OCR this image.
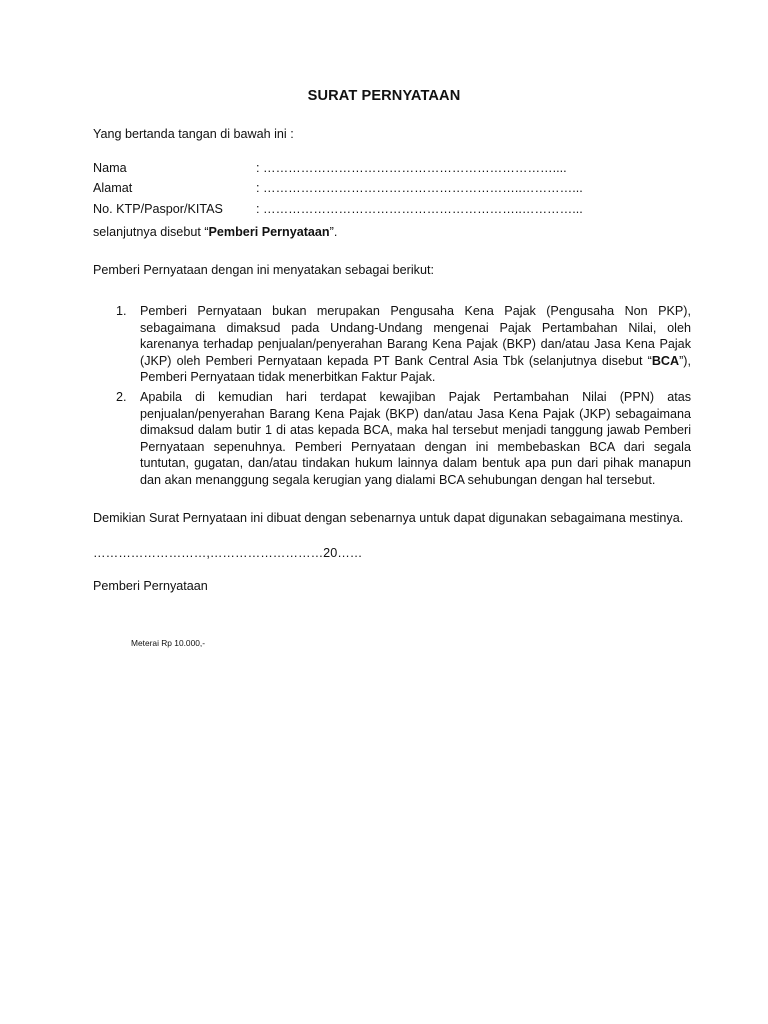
SURAT PERNYATAAN
Yang bertanda tangan di bawah ini :
Nama	: ……………………………………………………………....
Alamat	: ……………………………………………………..…………...
No. KTP/Paspor/KITAS	: ……………………………………………………..…………...
selanjutnya disebut “Pemberi Pernyataan”.
Pemberi Pernyataan dengan ini menyatakan sebagai berikut:
1.	Pemberi Pernyataan bukan merupakan Pengusaha Kena Pajak (Pengusaha Non PKP), sebagaimana dimaksud pada Undang-Undang mengenai Pajak Pertambahan Nilai, oleh karenanya terhadap penjualan/penyerahan Barang Kena Pajak (BKP) dan/atau Jasa Kena Pajak (JKP) oleh Pemberi Pernyataan kepada PT Bank Central Asia Tbk (selanjutnya disebut “BCA”), Pemberi Pernyataan tidak menerbitkan Faktur Pajak.
2.	Apabila di kemudian hari terdapat kewajiban Pajak Pertambahan Nilai (PPN) atas penjualan/penyerahan Barang Kena Pajak (BKP) dan/atau Jasa Kena Pajak (JKP) sebagaimana dimaksud dalam butir 1 di atas kepada BCA, maka hal tersebut menjadi tanggung jawab Pemberi Pernyataan sepenuhnya. Pemberi Pernyataan dengan ini membebaskan BCA dari segala tuntutan, gugatan, dan/atau tindakan hukum lainnya dalam bentuk apa pun dari pihak manapun dan akan menanggung segala kerugian yang dialami BCA sehubungan dengan hal tersebut.
Demikian Surat Pernyataan ini dibuat dengan sebenarnya untuk dapat digunakan sebagaimana mestinya.
………………………,………………………20……
Pemberi Pernyataan
Meterai Rp 10.000,-
